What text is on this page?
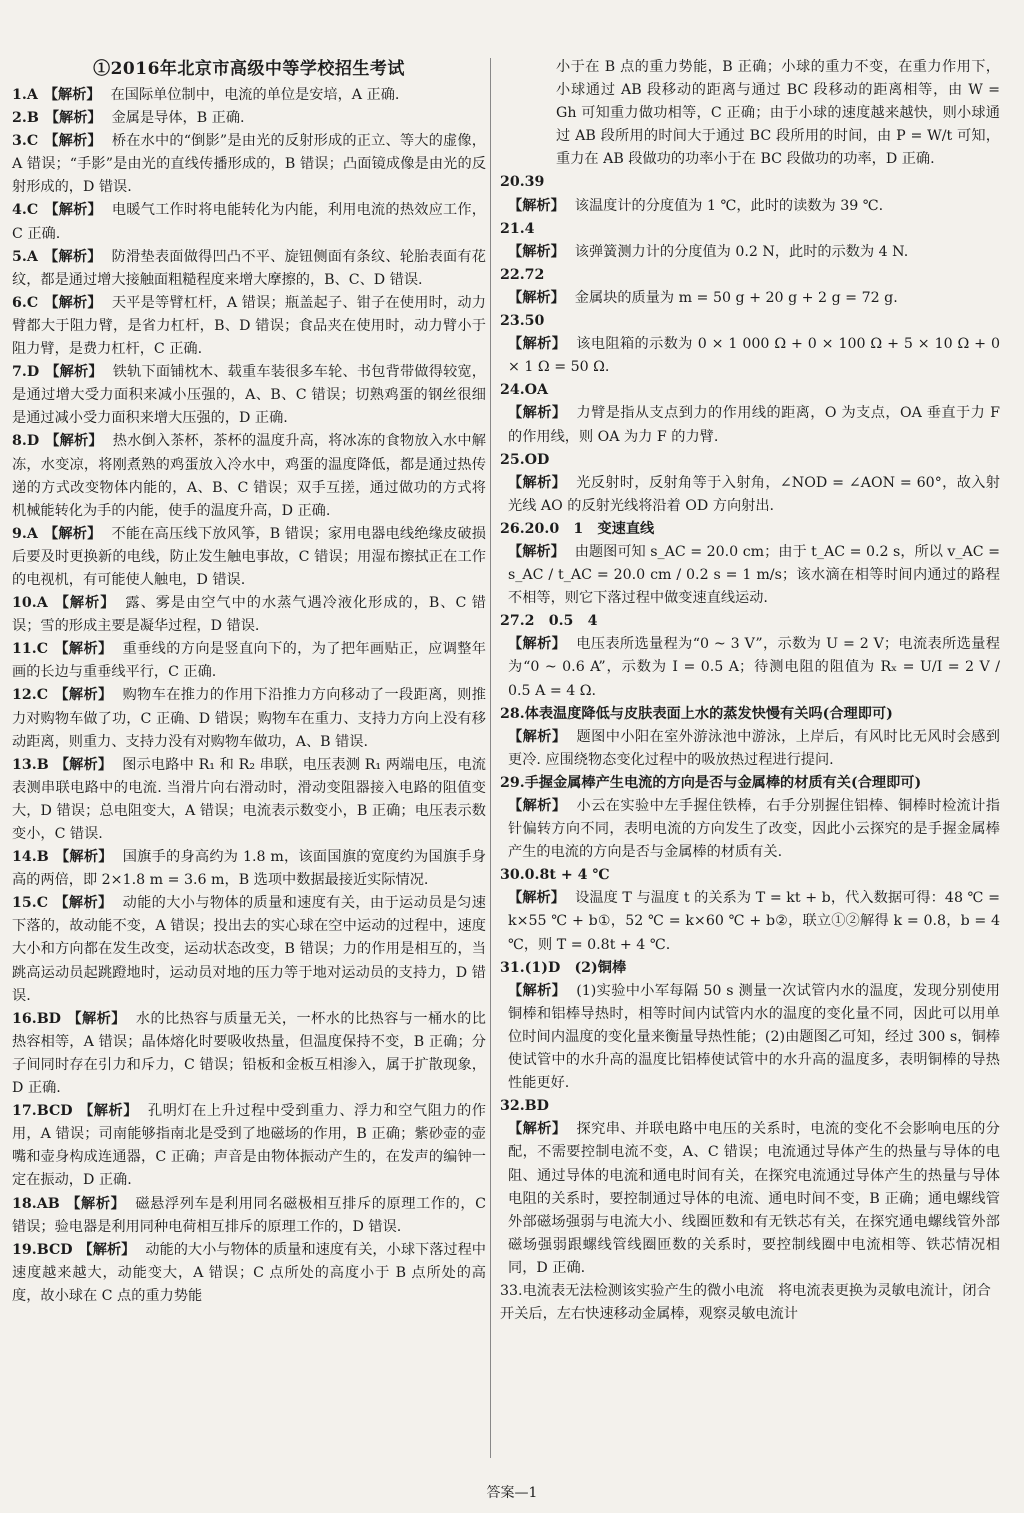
①2016年北京市高级中等学校招生考试
1.A 【解析】 在国际单位制中，电流的单位是安培，A 正确.
2.B 【解析】 金属是导体，B 正确.
3.C 【解析】 桥在水中的“倒影”是由光的反射形成的正立、等大的虚像，A 错误；“手影”是由光的直线传播形成的，B 错误；凸面镜成像是由光的反射形成的，D 错误.
4.C 【解析】 电暖气工作时将电能转化为内能，利用电流的热效应工作，C 正确.
5.A 【解析】 防滑垫表面做得凹凸不平、旋钮侧面有条纹、轮胎表面有花纹，都是通过增大接触面粗糙程度来增大摩擦的，B、C、D 错误.
6.C 【解析】 天平是等臂杠杆，A 错误；瓶盖起子、钳子在使用时，动力臂都大于阻力臂，是省力杠杆，B、D 错误；食品夹在使用时，动力臂小于阻力臂，是费力杠杆，C 正确.
7.D 【解析】 铁轨下面铺枕木、载重车装很多车轮、书包背带做得较宽，是通过增大受力面积来减小压强的，A、B、C 错误；切熟鸡蛋的钢丝很细是通过减小受力面积来增大压强的，D 正确.
8.D 【解析】 热水倒入茶杯，茶杯的温度升高，将冰冻的食物放入水中解冻，水变凉，将刚煮熟的鸡蛋放入冷水中，鸡蛋的温度降低，都是通过热传递的方式改变物体内能的，A、B、C 错误；双手互搓，通过做功的方式将机械能转化为手的内能，使手的温度升高，D 正确.
9.A 【解析】 不能在高压线下放风筝，B 错误；家用电器电线绝缘皮破损后要及时更换新的电线，防止发生触电事故，C 错误；用湿布擦拭正在工作的电视机，有可能使人触电，D 错误.
10.A 【解析】 露、雾是由空气中的水蒸气遇冷液化形成的，B、C 错误；雪的形成主要是凝华过程，D 错误.
11.C 【解析】 重垂线的方向是竖直向下的，为了把年画贴正，应调整年画的长边与重垂线平行，C 正确.
12.C 【解析】 购物车在推力的作用下沿推力方向移动了一段距离，则推力对购物车做了功，C 正确、D 错误；购物车在重力、支持力方向上没有移动距离，则重力、支持力没有对购物车做功，A、B 错误.
13.B 【解析】 图示电路中 R₁ 和 R₂ 串联，电压表测 R₁ 两端电压，电流表测串联电路中的电流. 当滑片向右滑动时，滑动变阻器接入电路的阻值变大，D 错误；总电阻变大，A 错误；电流表示数变小，B 正确；电压表示数变小，C 错误.
14.B 【解析】 国旗手的身高约为 1.8 m，该面国旗的宽度约为国旗手身高的两倍，即 2×1.8 m = 3.6 m，B 选项中数据最接近实际情况.
15.C 【解析】 动能的大小与物体的质量和速度有关，由于运动员是匀速下落的，故动能不变，A 错误；投出去的实心球在空中运动的过程中，速度大小和方向都在发生改变，运动状态改变，B 错误；力的作用是相互的，当跳高运动员起跳蹬地时，运动员对地的压力等于地对运动员的支持力，D 错误.
16.BD 【解析】 水的比热容与质量无关，一杯水的比热容与一桶水的比热容相等，A 错误；晶体熔化时要吸收热量，但温度保持不变，B 正确；分子间同时存在引力和斥力，C 错误；铅板和金板互相渗入，属于扩散现象，D 正确.
17.BCD 【解析】 孔明灯在上升过程中受到重力、浮力和空气阻力的作用，A 错误；司南能够指南北是受到了地磁场的作用，B 正确；紫砂壶的壶嘴和壶身构成连通器，C 正确；声音是由物体振动产生的，在发声的编钟一定在振动，D 正确.
18.AB 【解析】 磁悬浮列车是利用同名磁极相互排斥的原理工作的，C 错误；验电器是利用同种电荷相互排斥的原理工作的，D 错误.
19.BCD 【解析】 动能的大小与物体的质量和速度有关，小球下落过程中速度越来越大，动能变大，A 错误；C 点所处的高度小于 B 点所处的高度，故小球在 C 点的重力势能
小于在 B 点的重力势能，B 正确；小球的重力不变，在重力作用下，小球通过 AB 段移动的距离与通过 BC 段移动的距离相等，由 W = Gh 可知重力做功相等，C 正确；由于小球的速度越来越快，则小球通过 AB 段所用的时间大于通过 BC 段所用的时间，由 P = W/t 可知，重力在 AB 段做功的功率小于在 BC 段做功的功率，D 正确.
20.39
【解析】 该温度计的分度值为 1 ℃，此时的读数为 39 ℃.
21.4
【解析】 该弹簧测力计的分度值为 0.2 N，此时的示数为 4 N.
22.72
【解析】 金属块的质量为 m = 50 g + 20 g + 2 g = 72 g.
23.50
【解析】 该电阻箱的示数为 0 × 1 000 Ω + 0 × 100 Ω + 5 × 10 Ω + 0 × 1 Ω = 50 Ω.
24.OA
【解析】 力臂是指从支点到力的作用线的距离，O 为支点，OA 垂直于力 F 的作用线，则 OA 为力 F 的力臂.
25.OD
【解析】 光反射时，反射角等于入射角，∠NOD = ∠AON = 60°，故入射光线 AO 的反射光线将沿着 OD 方向射出.
26.20.0　1　变速直线
【解析】 由题图可知 s_AC = 20.0 cm；由于 t_AC = 0.2 s，所以 v_AC = s_AC / t_AC = 20.0 cm / 0.2 s = 1 m/s；该水滴在相等时间内通过的路程不相等，则它下落过程中做变速直线运动.
27.2　0.5　4
【解析】 电压表所选量程为“0 ~ 3 V”，示数为 U = 2 V；电流表所选量程为“0 ~ 0.6 A”，示数为 I = 0.5 A；待测电阻的阻值为 Rₓ = U/I = 2 V / 0.5 A = 4 Ω.
28.体表温度降低与皮肤表面上水的蒸发快慢有关吗(合理即可)
【解析】 题图中小阳在室外游泳池中游泳，上岸后，有风时比无风时会感到更冷. 应围绕物态变化过程中的吸放热过程进行提问.
29.手握金属棒产生电流的方向是否与金属棒的材质有关(合理即可)
【解析】 小云在实验中左手握住铁棒，右手分别握住铝棒、铜棒时检流计指针偏转方向不同，表明电流的方向发生了改变，因此小云探究的是手握金属棒产生的电流的方向是否与金属棒的材质有关.
30.0.8t + 4 ℃
【解析】 设温度 T 与温度 t 的关系为 T = kt + b，代入数据可得：48 ℃ = k×55 ℃ + b①，52 ℃ = k×60 ℃ + b②，联立①②解得 k = 0.8，b = 4 ℃，则 T = 0.8t + 4 ℃.
31.(1)D　(2)铜棒
【解析】 (1)实验中小军每隔 50 s 测量一次试管内水的温度，发现分别使用铜棒和铝棒导热时，相等时间内试管内水的温度的变化量不同，因此可以用单位时间内温度的变化量来衡量导热性能；(2)由题图乙可知，经过 300 s，铜棒使试管中的水升高的温度比铝棒使试管中的水升高的温度多，表明铜棒的导热性能更好.
32.BD
【解析】 探究串、并联电路中电压的关系时，电流的变化不会影响电压的分配，不需要控制电流不变，A、C 错误；电流通过导体产生的热量与导体的电阻、通过导体的电流和通电时间有关，在探究电流通过导体产生的热量与导体电阻的关系时，要控制通过导体的电流、通电时间不变，B 正确；通电螺线管外部磁场强弱与电流大小、线圈匝数和有无铁芯有关，在探究通电螺线管外部磁场强弱跟螺线管线圈匝数的关系时，要控制线圈中电流相等、铁芯情况相同，D 正确.
33.电流表无法检测该实验产生的微小电流　将电流表更换为灵敏电流计，闭合开关后，左右快速移动金属棒，观察灵敏电流计
答案—1
